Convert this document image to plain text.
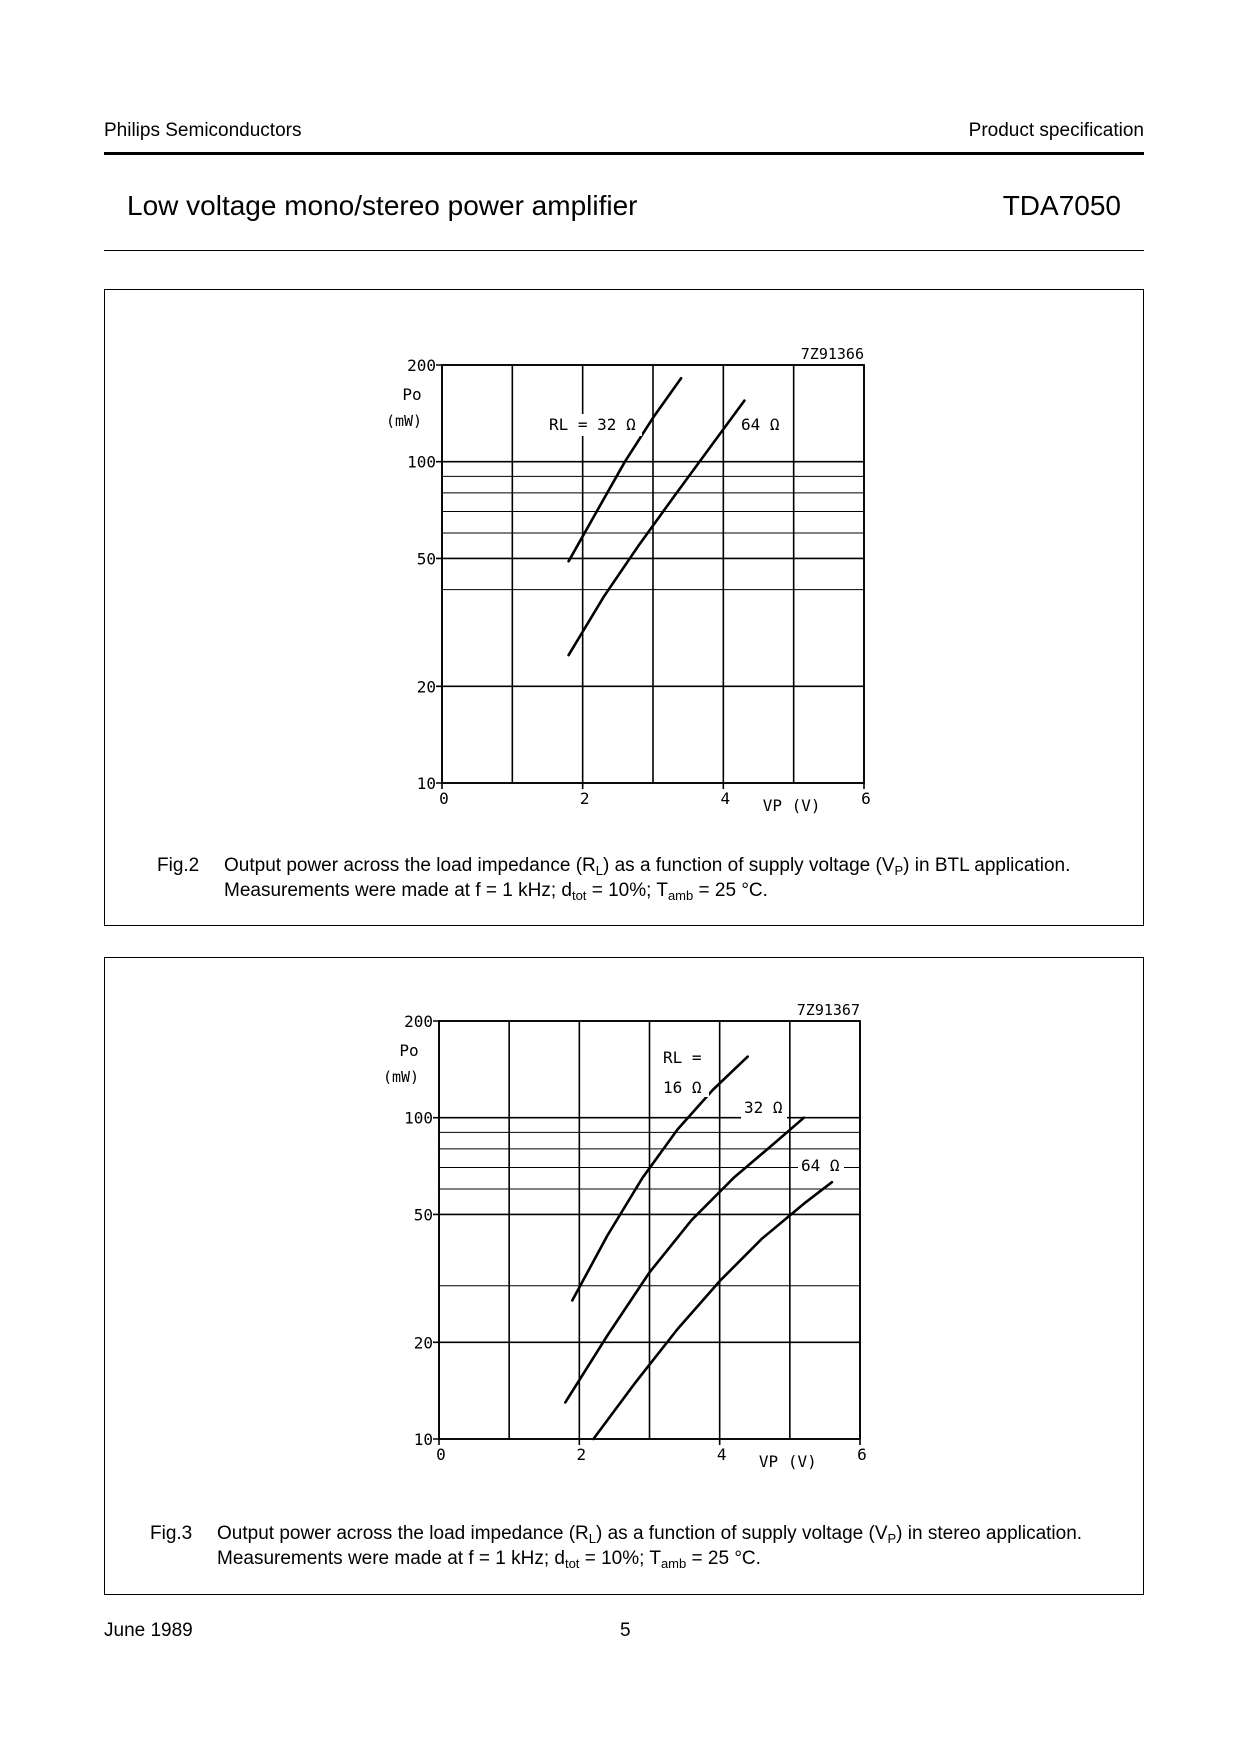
Philips Semiconductors	Product specification
Low voltage mono/stereo power amplifier	TDA7050
10
20
50
100
200
0	2	4	6
Po
(mW)
VP (V)
7Z91366
RL = 32 Ω	64 Ω
Fig.2 Output power across the load impedance $(R_L)$ as a function of supply voltage $(V_P)$ in BTL application.
Measurements were made at f = 1 kHz; $d_{tot} = 10\%$; $T_{amb} = 25$ °C.
10
20
50
100
200
0	2	4	6
Po
(mW)
VP (V)
7Z91367
RL =
16 Ω
32 Ω
64 Ω
Fig.3 Output power across the load impedance $(R_L)$ as a function of supply voltage $(V_P)$ in stereo application.
Measurements were made at f = 1 kHz; $d_{tot} = 10\%$; $T_{amb} = 25$ °C.
June 1989	5
